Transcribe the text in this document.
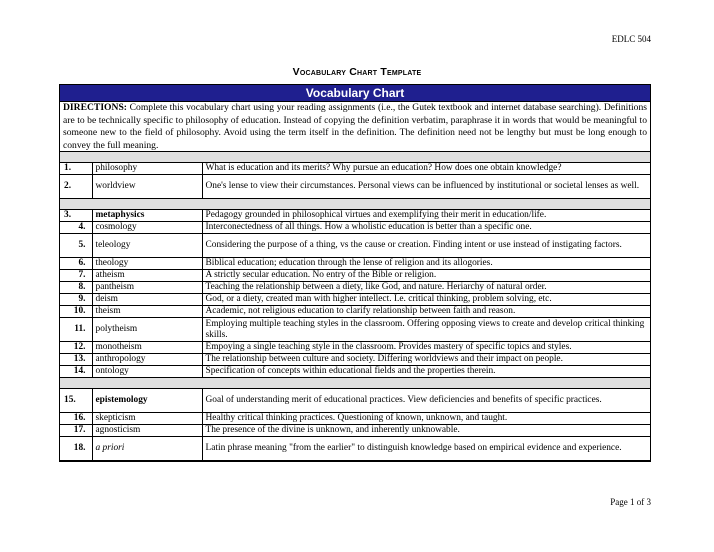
EDLC 504
Vocabulary Chart Template
Vocabulary Chart
DIRECTIONS: Complete this vocabulary chart using your reading assignments (i.e., the Gutek textbook and internet database searching). Definitions are to be technically specific to philosophy of education. Instead of copying the definition verbatim, paraphrase it in words that would be meaningful to someone new to the field of philosophy. Avoid using the term itself in the definition. The definition need not be lengthy but must be long enough to convey the full meaning.

1.	philosophy	What is education and its merits? Why pursue an education? How does one obtain knowledge?
2.	worldview	One's lense to view their circumstances. Personal views can be influenced by institutional or societal lenses as well.

3.	metaphysics	Pedagogy grounded in philosophical virtues and exemplifying their merit in education/life.
4.	cosmology	Interconectedness of all things. How a wholistic education is better than a specific one.
5.	teleology	Considering the purpose of a thing, vs the cause or creation. Finding intent or use instead of instigating factors.
6.	theology	Biblical education; education through the lense of religion and its allogories.
7.	atheism	A strictly secular education. No entry of the Bible or religion.
8.	pantheism	Teaching the relationship between a diety, like God, and nature. Heriarchy of natural order.
9.	deism	God, or a diety, created man with higher intellect. I.e. critical thinking, problem solving, etc.
10.	theism	Academic, not religious education to clarify relationship between faith and reason.
11.	polytheism	Employing multiple teaching styles in the classroom. Offering opposing views to create and develop critical thinking skills.
12.	monotheism	Empoying a single teaching style in the classroom. Provides mastery of specific topics and styles.
13.	anthropology	The relationship between culture and society. Differing worldviews and their impact on people.
14.	ontology	Specification of concepts within educational fields and the properties therein.

15.	epistemology	Goal of understanding merit of educational practices. View deficiencies and benefits of specific practices.
16.	skepticism	Healthy critical thinking practices. Questioning of known, unknown, and taught.
17.	agnosticism	The presence of the divine is unknown, and inherently unknowable.
18.	a priori	Latin phrase meaning "from the earlier" to distinguish knowledge based on empirical evidence and experience.
Page 1 of 3
